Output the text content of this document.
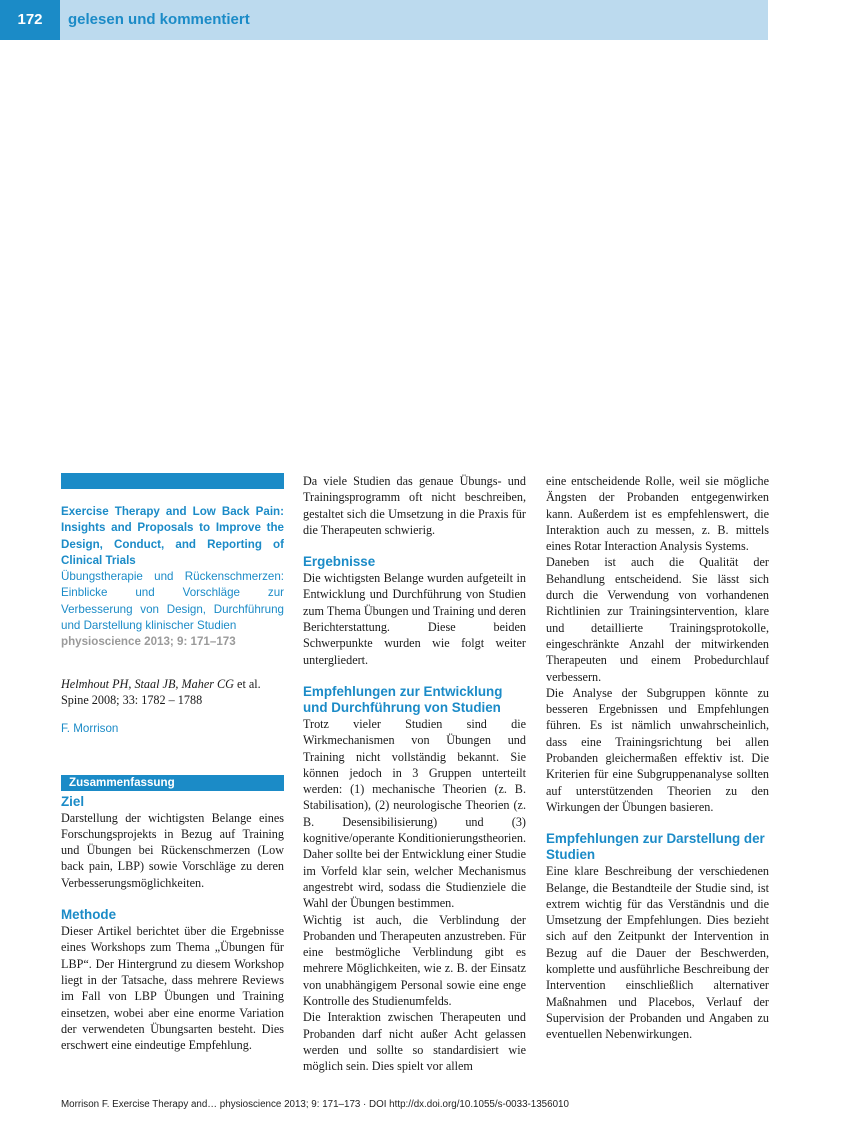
172	gelesen und kommentiert

Exercise Therapy and Low Back Pain: Insights and Proposals to Improve the Design, Conduct, and Reporting of Clinical Trials

Übungstherapie und Rückenschmerzen: Einblicke und Vorschläge zur Verbesserung von Design, Durchführung und Darstellung klinischer Studien

physioscience 2013; 9: 171–173

Helmhout PH, Staal JB, Maher CG et al. Spine 2008; 33: 1782 – 1788

F. Morrison

Zusammenfassung
Ziel

Darstellung der wichtigsten Belange eines Forschungsprojekts in Bezug auf Training und Übungen bei Rückenschmerzen (Low back pain, LBP) sowie Vorschläge zu deren Verbesserungsmöglichkeiten.

Methode

Dieser Artikel berichtet über die Ergebnisse eines Workshops zum Thema „Übungen für LBP“. Der Hintergrund zu diesem Workshop liegt in der Tatsache, dass mehrere Reviews im Fall von LBP Übungen und Training einsetzen, wobei aber eine enorme Variation der verwendeten Übungsarten besteht. Dies erschwert eine eindeutige Empfehlung.

Da viele Studien das genaue Übungs- und Trainingsprogramm oft nicht beschreiben, gestaltet sich die Umsetzung in die Praxis für die Therapeuten schwierig.

Ergebnisse

Die wichtigsten Belange wurden aufgeteilt in Entwicklung und Durchführung von Studien zum Thema Übungen und Training und deren Berichterstattung. Diese beiden Schwerpunkte wurden wie folgt weiter untergliedert.

Empfehlungen zur Entwicklung und Durchführung von Studien

Trotz vieler Studien sind die Wirkmechanismen von Übungen und Training nicht vollständig bekannt. Sie können jedoch in 3 Gruppen unterteilt werden: (1) mechanische Theorien (z. B. Stabilisation), (2) neurologische Theorien (z. B. Desensibilisierung) und (3) kognitive/operante Konditionierungstheorien. Daher sollte bei der Entwicklung einer Studie im Vorfeld klar sein, welcher Mechanismus angestrebt wird, sodass die Studienziele die Wahl der Übungen bestimmen.

Wichtig ist auch, die Verblindung der Probanden und Therapeuten anzustreben. Für eine bestmögliche Verblindung gibt es mehrere Möglichkeiten, wie z. B. der Einsatz von unabhängigem Personal sowie eine enge Kontrolle des Studienumfelds.

Die Interaktion zwischen Therapeuten und Probanden darf nicht außer Acht gelassen werden und sollte so standardisiert wie möglich sein. Dies spielt vor allem

eine entscheidende Rolle, weil sie mögliche Ängsten der Probanden entgegenwirken kann. Außerdem ist es empfehlenswert, die Interaktion auch zu messen, z. B. mittels eines Rotar Interaction Analysis Systems.

Daneben ist auch die Qualität der Behandlung entscheidend. Sie lässt sich durch die Verwendung von vorhandenen Richtlinien zur Trainingsintervention, klare und detaillierte Trainingsprotokolle, eingeschränkte Anzahl der mitwirkenden Therapeuten und einem Probedurchlauf verbessern.

Die Analyse der Subgruppen könnte zu besseren Ergebnissen und Empfehlungen führen. Es ist nämlich unwahrscheinlich, dass eine Trainingsrichtung bei allen Probanden gleichermaßen effektiv ist. Die Kriterien für eine Subgruppenanalyse sollten auf unterstützenden Theorien zu den Wirkungen der Übungen basieren.

Empfehlungen zur Darstellung der Studien

Eine klare Beschreibung der verschiedenen Belange, die Bestandteile der Studie sind, ist extrem wichtig für das Verständnis und die Umsetzung der Empfehlungen. Dies bezieht sich auf den Zeitpunkt der Intervention in Bezug auf die Dauer der Beschwerden, komplette und ausführliche Beschreibung der Intervention einschließlich alternativer Maßnahmen und Placebos, Verlauf der Supervision der Probanden und Angaben zu eventuellen Nebenwirkungen.

Morrison F. Exercise Therapy and… physioscience 2013; 9: 171–173 · DOI http://dx.doi.org/10.1055/s-0033-1356010
